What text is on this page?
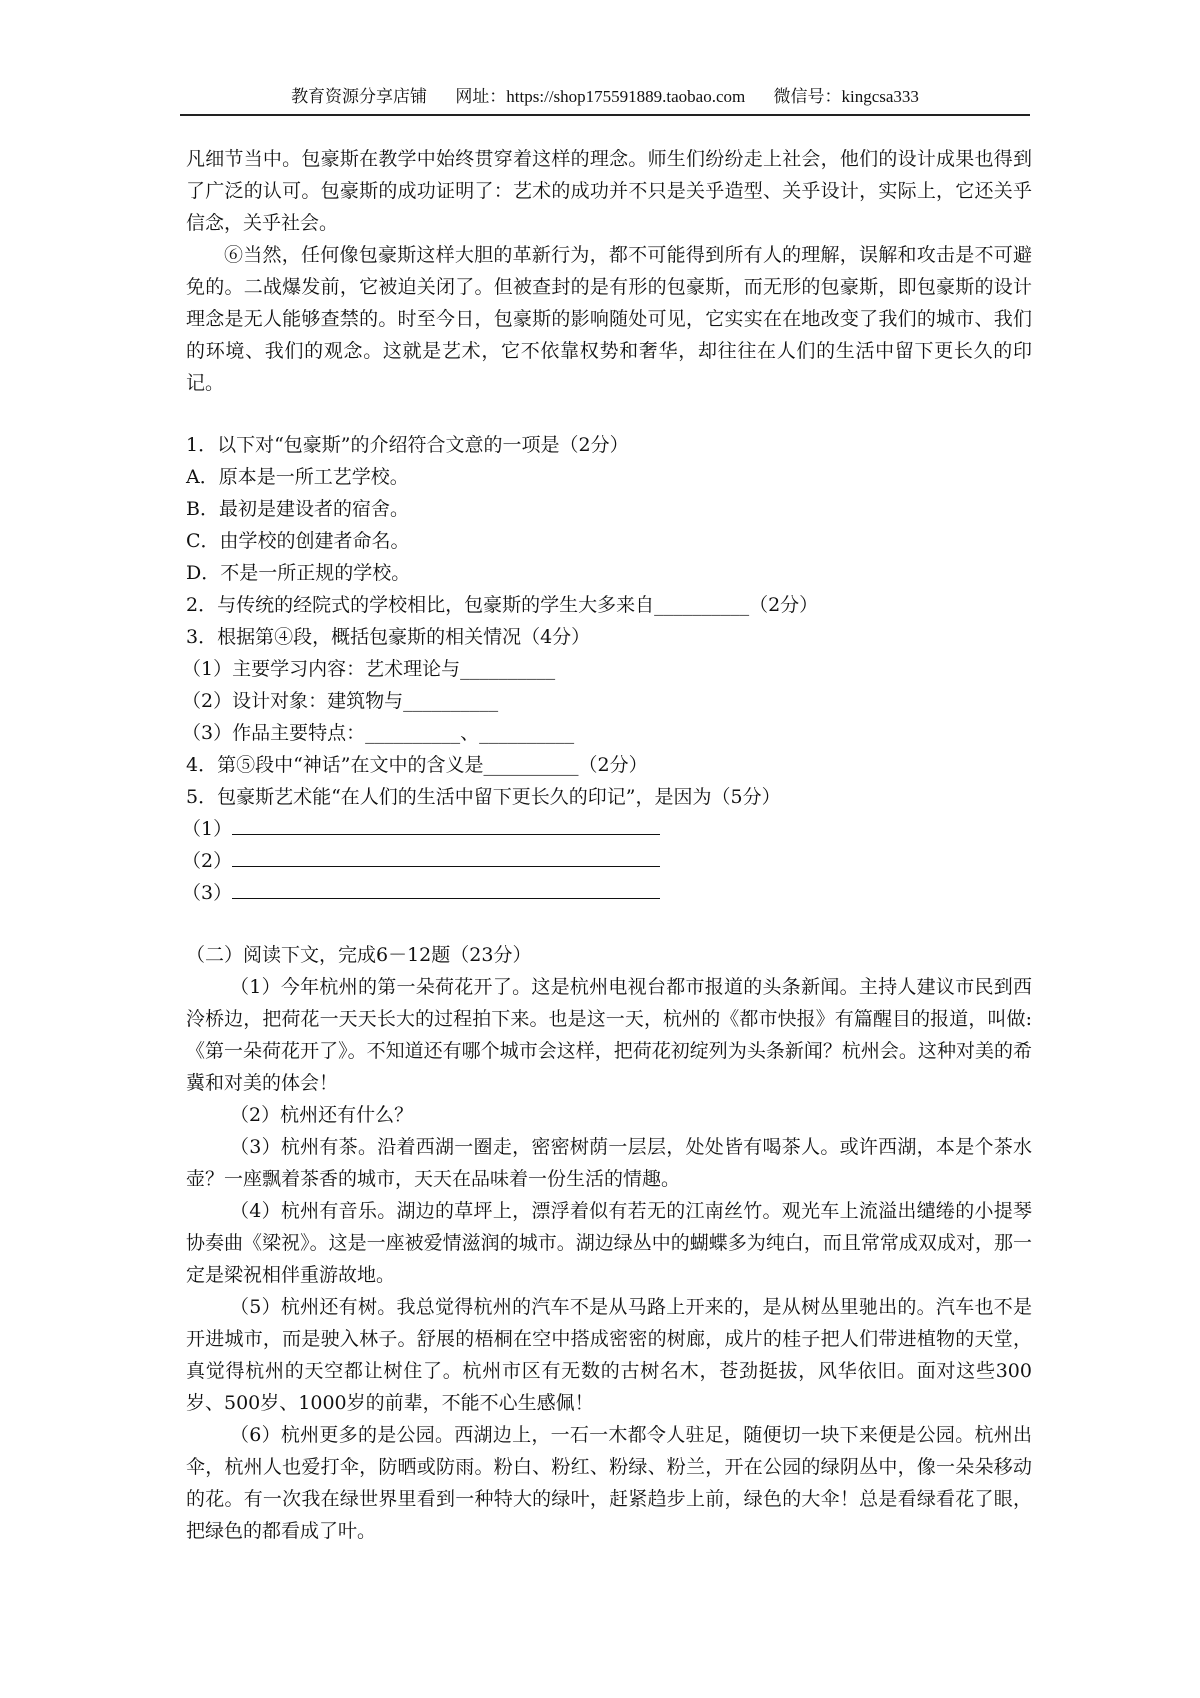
教育资源分享店铺 网址：https://shop175591889.taobao.com 微信号：kingcsa333

凡细节当中。包豪斯在教学中始终贯穿着这样的理念。师生们纷纷走上社会，他们的设计成果也得到了广泛的认可。包豪斯的成功证明了：艺术的成功并不只是关乎造型、关乎设计，实际上，它还关乎信念，关乎社会。

⑥当然，任何像包豪斯这样大胆的革新行为，都不可能得到所有人的理解，误解和攻击是不可避免的。二战爆发前，它被迫关闭了。但被查封的是有形的包豪斯，而无形的包豪斯，即包豪斯的设计理念是无人能够查禁的。时至今日，包豪斯的影响随处可见，它实实在在地改变了我们的城市、我们的环境、我们的观念。这就是艺术，它不依靠权势和奢华，却往往在人们的生活中留下更长久的印记。

1．以下对“包豪斯”的介绍符合文意的一项是（2分）

A．原本是一所工艺学校。

B．最初是建设者的宿舍。

C．由学校的创建者命名。

D．不是一所正规的学校。

2．与传统的经院式的学校相比，包豪斯的学生大多来自__________（2分）

3．根据第④段，概括包豪斯的相关情况（4分）

（1）主要学习内容：艺术理论与__________

（2）设计对象：建筑物与__________

（3）作品主要特点：__________、__________

4．第⑤段中“神话”在文中的含义是__________（2分）

5．包豪斯艺术能“在人们的生活中留下更长久的印记”，是因为（5分）

（1）

（2）

（3）

（二）阅读下文，完成6－12题（23分）

（1）今年杭州的第一朵荷花开了。这是杭州电视台都市报道的头条新闻。主持人建议市民到西泠桥边，把荷花一天天长大的过程拍下来。也是这一天，杭州的《都市快报》有篇醒目的报道，叫做:《第一朵荷花开了》。不知道还有哪个城市会这样，把荷花初绽列为头条新闻？杭州会。这种对美的希冀和对美的体会！

（2）杭州还有什么？

（3）杭州有茶。沿着西湖一圈走，密密树荫一层层，处处皆有喝茶人。或许西湖，本是个茶水壶？一座飘着茶香的城市，天天在品味着一份生活的情趣。

（4）杭州有音乐。湖边的草坪上，漂浮着似有若无的江南丝竹。观光车上流溢出缱绻的小提琴协奏曲《梁祝》。这是一座被爱情滋润的城市。湖边绿丛中的蝴蝶多为纯白，而且常常成双成对，那一定是梁祝相伴重游故地。

（5）杭州还有树。我总觉得杭州的汽车不是从马路上开来的，是从树丛里驰出的。汽车也不是开进城市，而是驶入林子。舒展的梧桐在空中搭成密密的树廊，成片的桂子把人们带进植物的天堂，真觉得杭州的天空都让树住了。杭州市区有无数的古树名木，苍劲挺拔，风华依旧。面对这些300岁、500岁、1000岁的前辈，不能不心生感佩！

（6）杭州更多的是公园。西湖边上，一石一木都令人驻足，随便切一块下来便是公园。杭州出伞，杭州人也爱打伞，防晒或防雨。粉白、粉红、粉绿、粉兰，开在公园的绿阴丛中，像一朵朵移动的花。有一次我在绿世界里看到一种特大的绿叶，赶紧趋步上前，绿色的大伞！总是看绿看花了眼，把绿色的都看成了叶。
